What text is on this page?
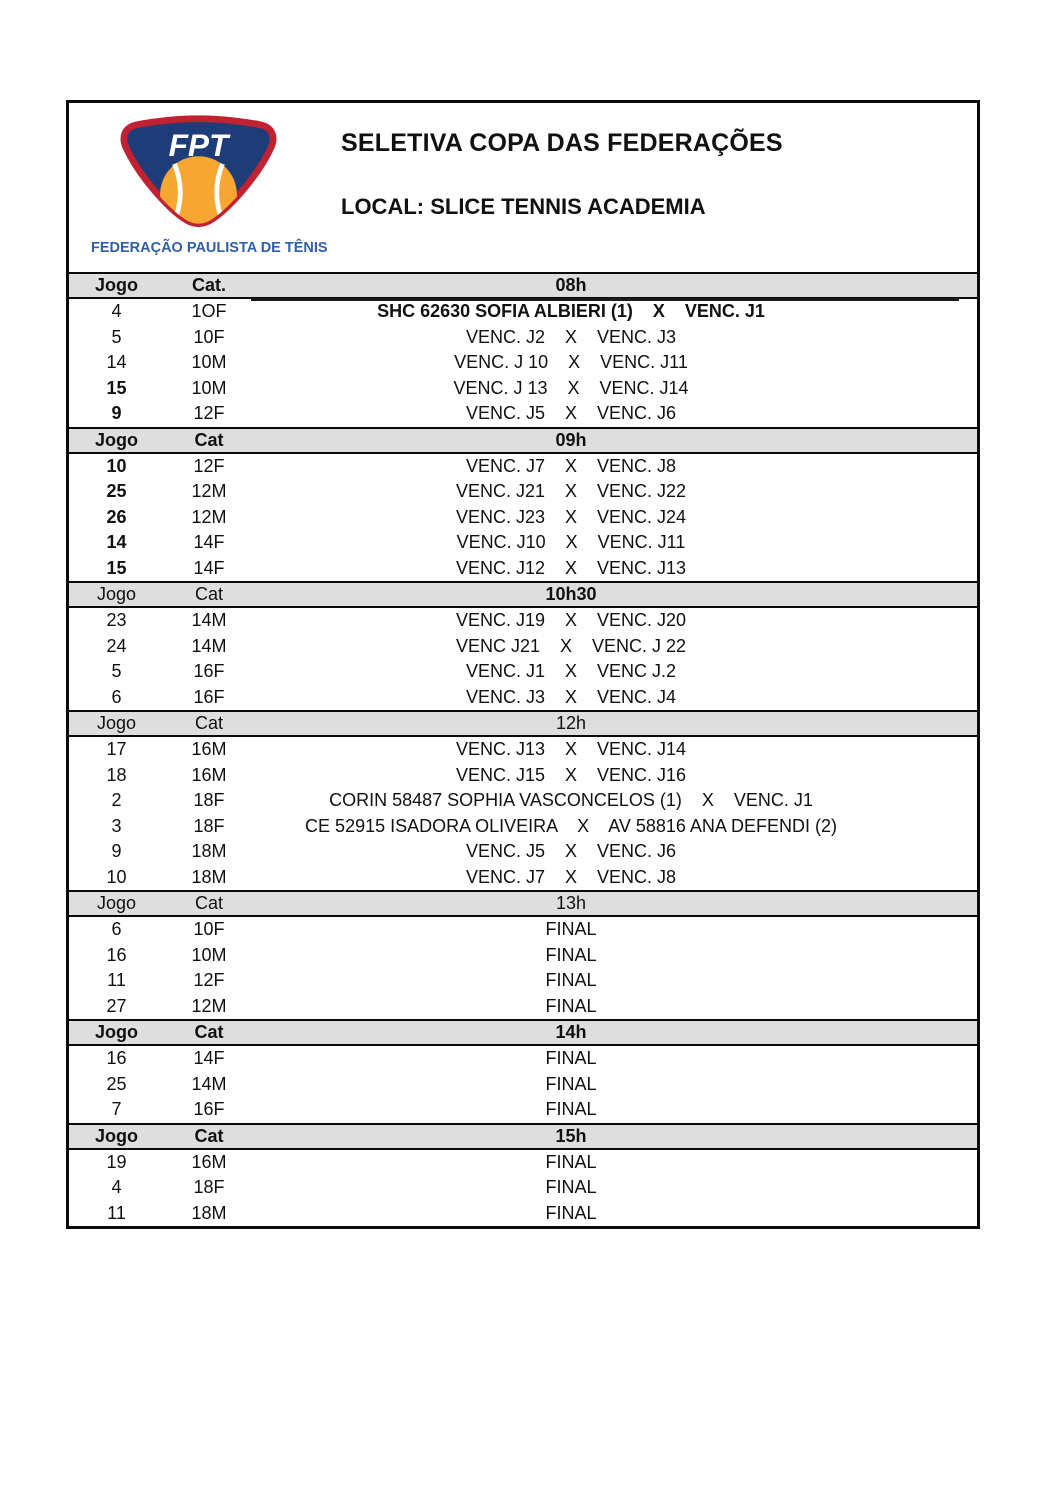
FPT
FEDERAÇÃO PAULISTA DE TÊNIS
SELETIVA COPA DAS FEDERAÇÕES
LOCAL: SLICE TENNIS ACADEMIA
Jogo	Cat.	08h
4	1OF	SHC 62630 SOFIA ALBIERI (1)    X    VENC. J1
5	10F	VENC. J2    X    VENC. J3
14	10M	VENC. J 10    X    VENC. J11
15	10M	VENC. J 13    X    VENC. J14
9	12F	VENC. J5    X    VENC. J6
Jogo	Cat	09h
10	12F	VENC. J7    X    VENC. J8
25	12M	VENC. J21    X    VENC. J22
26	12M	VENC. J23    X    VENC. J24
14	14F	VENC. J10    X    VENC. J11
15	14F	VENC. J12    X    VENC. J13
Jogo	Cat	10h30
23	14M	VENC. J19    X    VENC. J20
24	14M	VENC J21    X    VENC. J 22
5	16F	VENC. J1    X    VENC J.2
6	16F	VENC. J3    X    VENC. J4
Jogo	Cat	12h
17	16M	VENC. J13    X    VENC. J14
18	16M	VENC. J15    X    VENC. J16
2	18F	CORIN 58487 SOPHIA VASCONCELOS (1)    X    VENC. J1
3	18F	CE 52915 ISADORA OLIVEIRA    X    AV 58816 ANA DEFENDI (2)
9	18M	VENC. J5    X    VENC. J6
10	18M	VENC. J7    X    VENC. J8
Jogo	Cat	13h
6	10F	FINAL
16	10M	FINAL
11	12F	FINAL
27	12M	FINAL
Jogo	Cat	14h
16	14F	FINAL
25	14M	FINAL
7	16F	FINAL
Jogo	Cat	15h
19	16M	FINAL
4	18F	FINAL
11	18M	FINAL
